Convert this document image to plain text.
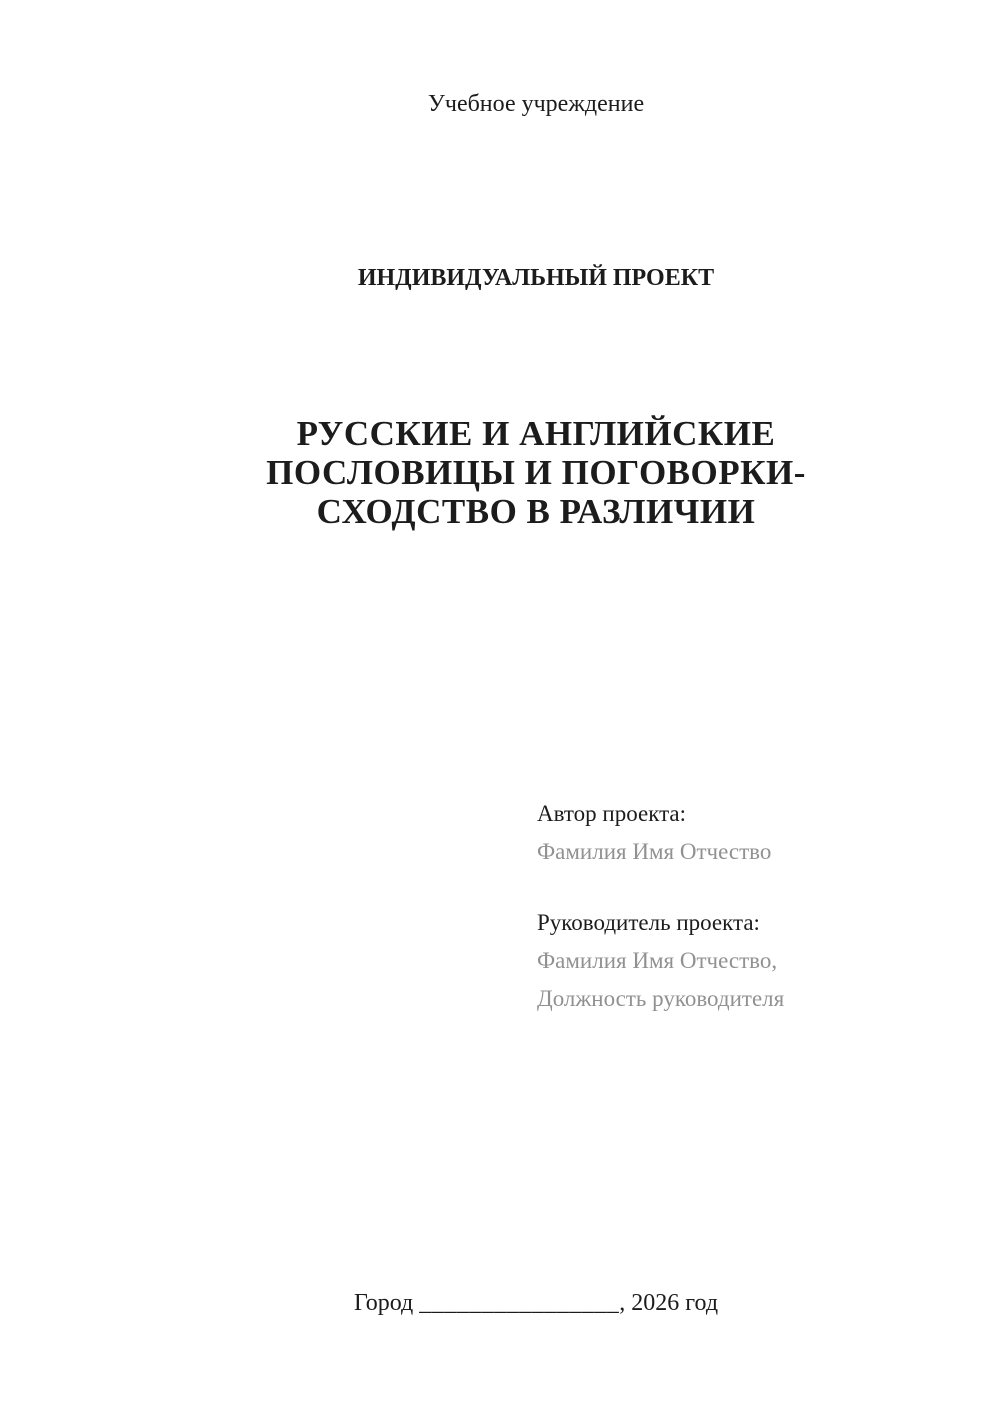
Учебное учреждение
ИНДИВИДУАЛЬНЫЙ ПРОЕКТ
РУССКИЕ И АНГЛИЙСКИЕ
ПОСЛОВИЦЫ И ПОГОВОРКИ-
СХОДСТВО В РАЗЛИЧИИ
Автор проекта:
Фамилия Имя Отчество
Руководитель проекта:
Фамилия Имя Отчество,
Должность руководителя
Город ________________, 2026 год
